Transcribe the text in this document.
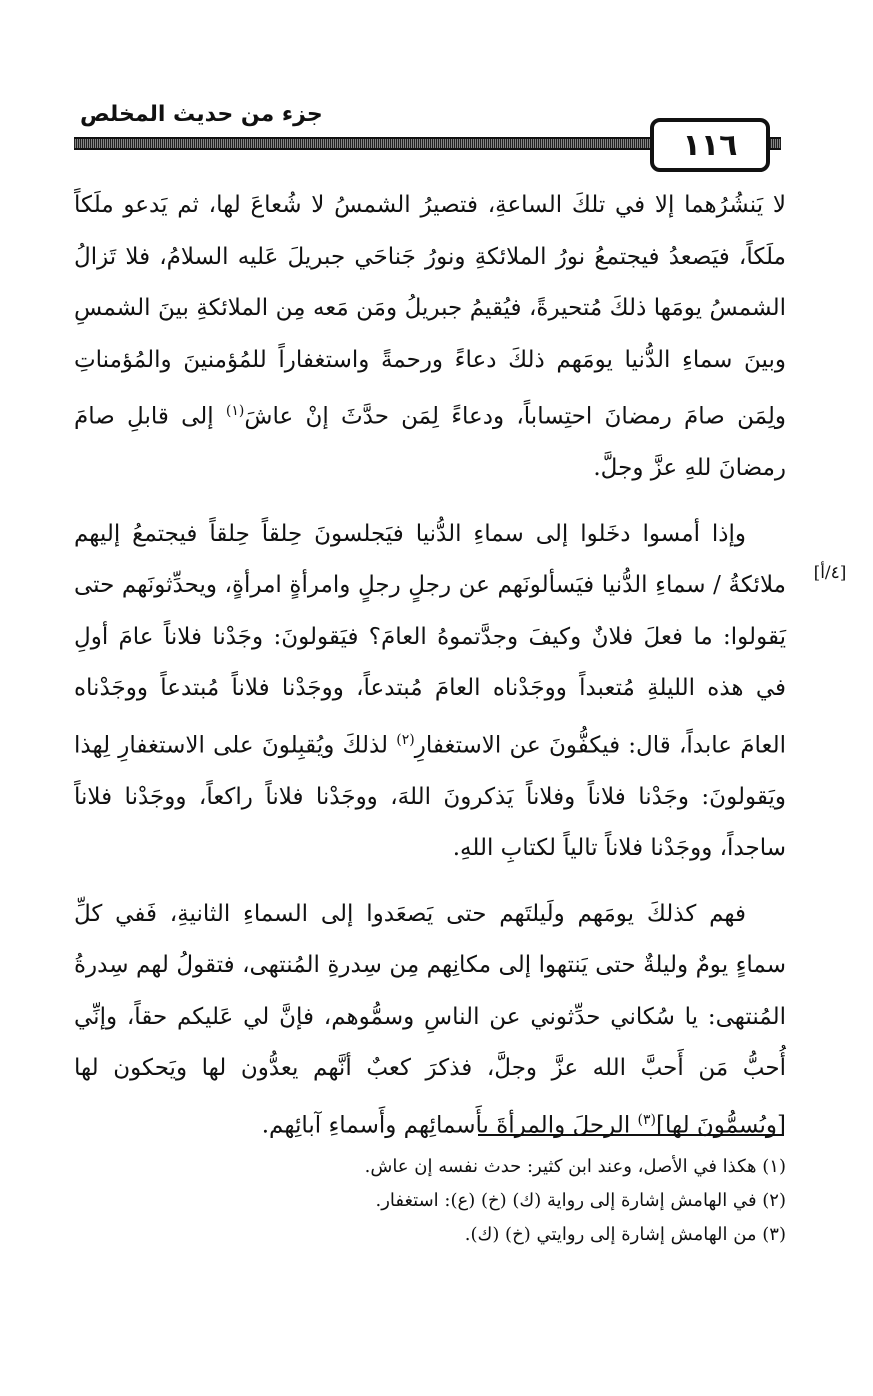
جزء من حديث المخلص
١١٦
[٤/أ]

لا يَنشُرُهما إلا في تلكَ الساعةِ، فتصيرُ الشمسُ لا شُعاعَ لها، ثم يَدعو ملَكاً ملَكاً، فيَصعدُ فيجتمعُ نورُ الملائكةِ ونورُ جَناحَي جبريلَ عَليه السلامُ، فلا تَزالُ الشمسُ يومَها ذلكَ مُتحيرةً، فيُقيمُ جبريلُ ومَن مَعه مِن الملائكةِ بينَ الشمسِ وبينَ سماءِ الدُّنيا يومَهم ذلكَ دعاءً ورحمةً واستغفاراً للمُؤمنينَ والمُؤمناتِ ولِمَن صامَ رمضانَ احتِساباً، ودعاءً لِمَن حدَّثَ إنْ عاشَ$^{(١)}$ إلى قابلِ صامَ رمضانَ للهِ عزَّ وجلَّ.

وإذا أمسوا دخَلوا إلى سماءِ الدُّنيا فيَجلسونَ حِلقاً حِلقاً فيجتمعُ إليهم ملائكةُ / سماءِ الدُّنيا فيَسألونَهم عن رجلٍ رجلٍ وامرأةٍ امرأةٍ، ويحدِّثونَهم حتى يَقولوا: ما فعلَ فلانٌ وكيفَ وجدَّتموهُ العامَ؟ فيَقولونَ: وجَدْنا فلاناً عامَ أولِ في هذه الليلةِ مُتعبداً ووجَدْناه العامَ مُبتدعاً، ووجَدْنا فلاناً مُبتدعاً ووجَدْناه العامَ عابداً، قال: فيكفُّونَ عن الاستغفارِ$^{(٢)}$ لذلكَ ويُقبِلونَ على الاستغفارِ لِهذا ويَقولونَ: وجَدْنا فلاناً وفلاناً يَذكرونَ اللهَ، ووجَدْنا فلاناً راكعاً، ووجَدْنا فلاناً ساجداً، ووجَدْنا فلاناً تالياً لكتابِ اللهِ.

فهم كذلكَ يومَهم ولَيلتَهم حتى يَصعَدوا إلى السماءِ الثانيةِ، فَفي كلِّ سماءٍ يومٌ وليلةٌ حتى يَنتهوا إلى مكانِهم مِن سِدرةِ المُنتهى، فتقولُ لهم سِدرةُ المُنتهى: يا سُكاني حدِّثوني عن الناسِ وسمُّوهم، فإنَّ لي عَليكم حقاً، وإنِّي أُحبُّ مَن أَحبَّ الله عزَّ وجلَّ، فذكرَ كعبٌ أنَّهم يعدُّون لها ويَحكون لها [ويُسمُّونَ لها]$^{(٣)}$ الرجلَ والمرأةَ بأَسمائِهم وأَسماءِ آبائِهم.

(١) هكذا في الأصل، وعند ابن كثير: حدث نفسه إن عاش.
(٢) في الهامش إشارة إلى رواية (ك) (خ) (ع): استغفار.
(٣) من الهامش إشارة إلى روايتي (خ) (ك).
